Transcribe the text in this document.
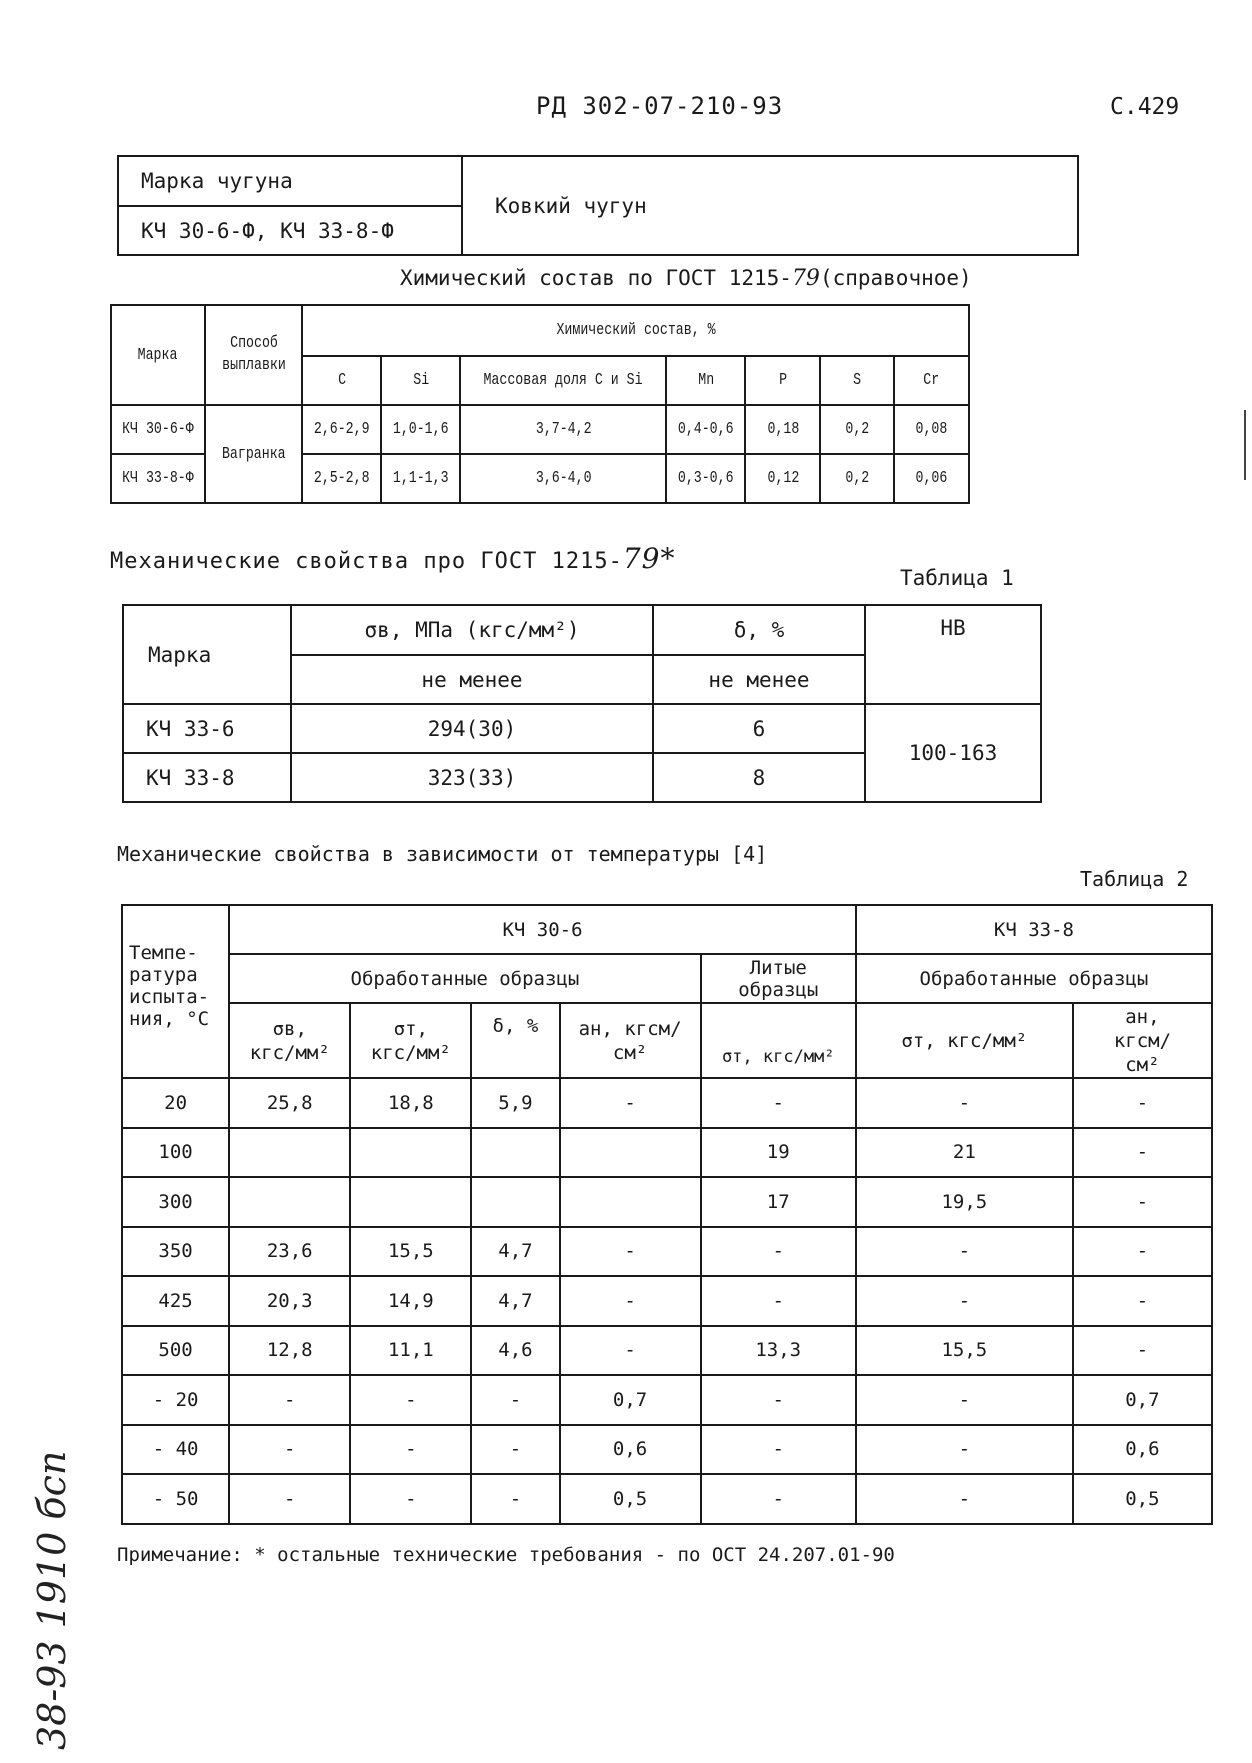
РД 302-07-210-93	С.429
Марка чугуна	Ковкий чугун
КЧ 30-6-Ф, КЧ 33-8-Ф
Химический состав по ГОСТ 1215-79(справочное)
Марка	Способ выплавки	Химический состав, %						
		C	Si	Массовая доля C и Si	Mn	P	S	Cr
КЧ 30-6-Ф	Вагранка	2,6-2,9	1,0-1,6	3,7-4,2	0,4-0,6	0,18	0,2	0,08
КЧ 33-8-Ф		2,5-2,8	1,1-1,3	3,6-4,0	0,3-0,6	0,12	0,2	0,06
Механические свойства про ГОСТ 1215-79*
Таблица 1
Марка	σв, МПа (кгс/мм²)	δ, %	HB
	не менее	не менее	
КЧ 33-6	294(30)	6	100-163
КЧ 33-8	323(33)	8	
Механические свойства в зависимости от температуры [4]
Таблица 2
Темпе-ратура испыта-ния, °С	КЧ 30-6					КЧ 33-8	
	Обработанные образцы				Литые образцы	Обработанные образцы	
	σв, кгс/мм²	σт, кгс/мм²	δ, %	aн, кгсм/см²	σт, кгс/мм²	σт, кгс/мм²	aн, кгсм/см²
20	25,8	18,8	5,9	-	-	-	-
100					19	21	-
300					17	19,5	-
350	23,6	15,5	4,7	-	-	-	-
425	20,3	14,9	4,7	-	-	-	-
500	12,8	11,1	4,6	-	13,3	15,5	-
- 20	-	-	-	0,7	-	-	0,7
- 40	-	-	-	0,6	-	-	0,6
- 50	-	-	-	0,5	-	-	0,5
Примечание: * остальные технические требования - по ОСТ 24.207.01-90
38-93 1910 бсп
